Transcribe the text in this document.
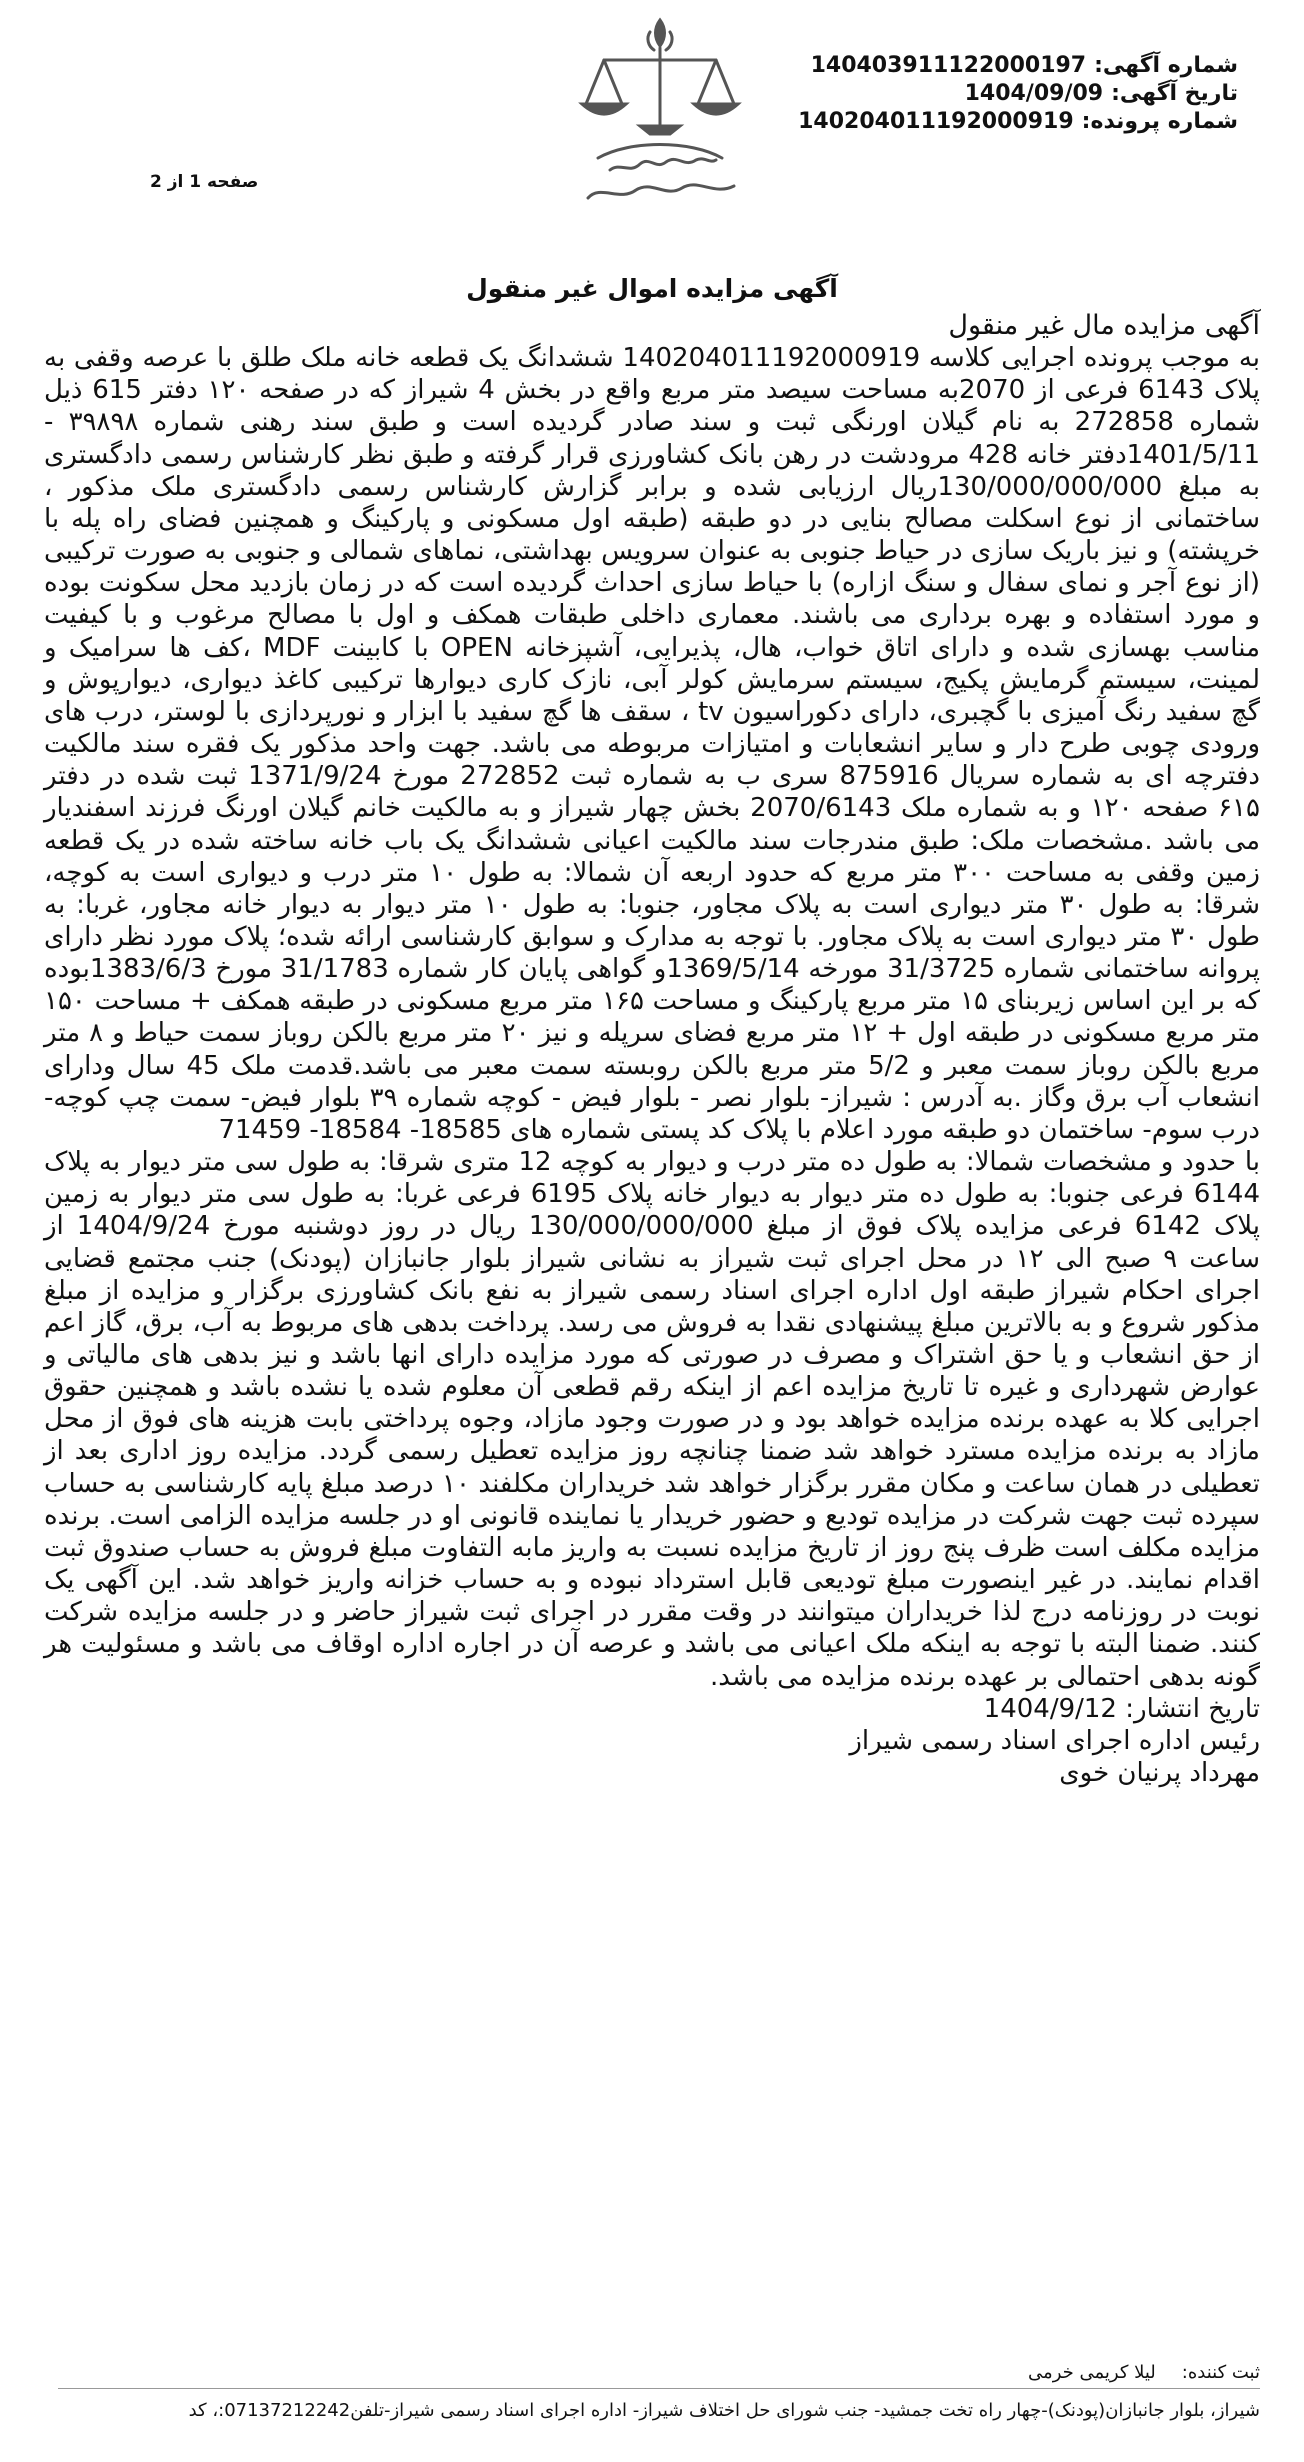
شماره آگهی:140403911122000197
تاریخ آگهی:1404/09/09
شماره پرونده:140204011192000919
صفحه 1 از 2
آگهی مزایده اموال غیر منقول

آگهی مزایده مال غیر منقول

به موجب پرونده اجرایی کلاسه 140204011192000919 ششدانگ یک قطعه خانه ملک طلق با عرصه وقفی به پلاک 6143 فرعی از 2070به مساحت سیصد متر مربع واقع در بخش 4 شیراز که در صفحه ۱۲۰ دفتر 615 ذیل شماره 272858 به نام گیلان اورنگی ثبت و سند صادر گردیده است و طبق سند رهنی شماره ۳۹۸۹۸ - 1401/5/11دفتر خانه 428 مرودشت در رهن بانک کشاورزی قرار گرفته و طبق نظر کارشناس رسمی دادگستری به مبلغ 130/000/000/000ریال ارزیابی شده و برابر گزارش کارشناس رسمی دادگستری ملک مذکور ، ساختمانی از نوع اسکلت مصالح بنایی در دو طبقه (طبقه اول مسکونی و پارکینگ و همچنین فضای راه پله با خرپشته) و نیز باریک سازی در حیاط جنوبی به عنوان سرویس بهداشتی، نماهای شمالی و جنوبی به صورت ترکیبی (از نوع آجر و نمای سفال و سنگ ازاره) با حیاط سازی احداث گردیده است که در زمان بازدید محل سکونت بوده و مورد استفاده و بهره برداری می باشند. معماری داخلی طبقات همکف و اول با مصالح مرغوب و با کیفیت مناسب بهسازی شده و دارای اتاق خواب، هال، پذیرایی، آشپزخانه OPEN با کابینت MDF ،کف ها سرامیک و لمینت، سیستم گرمایش پکیج، سیستم سرمایش کولر آبی، نازک کاری دیوارها ترکیبی کاغذ دیواری، دیوارپوش و گچ سفید رنگ آمیزی با گچبری، دارای دکوراسیون tv ، سقف ها گچ سفید با ابزار و نورپردازی با لوستر، درب های ورودی چوبی طرح دار و سایر انشعابات و امتیازات مربوطه می باشد. جهت واحد مذکور یک فقره سند مالکیت دفترچه ای به شماره سریال 875916 سری ب به شماره ثبت 272852 مورخ 1371/9/24 ثبت شده در دفتر ۶۱۵ صفحه ۱۲۰ و به شماره ملک 2070/6143 بخش چهار شیراز و به مالکیت خانم گیلان اورنگ فرزند اسفندیار می باشد .مشخصات ملک: طبق مندرجات سند مالکیت اعیانی ششدانگ یک باب خانه ساخته شده در یک قطعه زمین وقفی به مساحت ۳۰۰ متر مربع که حدود اربعه آن شمالا: به طول ۱۰ متر درب و دیواری است به کوچه، شرقا: به طول ۳۰ متر دیواری است به پلاک مجاور، جنوبا: به طول ۱۰ متر دیوار به دیوار خانه مجاور، غربا: به طول ۳۰ متر دیواری است به پلاک مجاور. با توجه به مدارک و سوابق کارشناسی ارائه شده؛ پلاک مورد نظر دارای پروانه ساختمانی شماره 31/3725 مورخه 1369/5/14و گواهی پایان کار شماره 31/1783 مورخ 1383/6/3بوده که بر این اساس زیربنای ۱۵ متر مربع پارکینگ و مساحت ۱۶۵ متر مربع مسکونی در طبقه همکف + مساحت ۱۵۰ متر مربع مسکونی در طبقه اول + ۱۲ متر مربع فضای سرپله و نیز ۲۰ متر مربع بالکن روباز سمت حیاط و ۸ متر مربع بالکن روباز سمت معبر و 5/2 متر مربع بالکن روبسته سمت معبر می باشد.قدمت ملک 45 سال ودارای انشعاب آب برق وگاز .به آدرس : شیراز- بلوار نصر - بلوار فیض - کوچه شماره ۳۹ بلوار فیض- سمت چپ کوچه- درب سوم- ساختمان دو طبقه مورد اعلام با پلاک کد پستی شماره های 18585- 18584- 71459

با حدود و مشخصات شمالا: به طول ده متر درب و دیوار به کوچه 12 متری شرقا: به طول سی متر دیوار به پلاک 6144 فرعی جنوبا: به طول ده متر دیوار به دیوار خانه پلاک 6195 فرعی غربا: به طول سی متر دیوار به زمین پلاک 6142 فرعی مزایده پلاک فوق از مبلغ 130/000/000/000 ریال در روز دوشنبه مورخ 1404/9/24 از ساعت ۹ صبح الی ۱۲ در محل اجرای ثبت شیراز به نشانی شیراز بلوار جانبازان (پودنک) جنب مجتمع قضایی اجرای احکام شیراز طبقه اول اداره اجرای اسناد رسمی شیراز به نفع بانک کشاورزی برگزار و مزایده از مبلغ مذکور شروع و به بالاترین مبلغ پیشنهادی نقدا به فروش می رسد. پرداخت بدهی های مربوط به آب، برق، گاز اعم از حق انشعاب و یا حق اشتراک و مصرف در صورتی که مورد مزایده دارای انها باشد و نیز بدهی های مالیاتی و عوارض شهرداری و غیره تا تاریخ مزایده اعم از اینکه رقم قطعی آن معلوم شده یا نشده باشد و همچنین حقوق اجرایی کلا به عهده برنده مزایده خواهد بود و در صورت وجود مازاد، وجوه پرداختی بابت هزینه های فوق از محل مازاد به برنده مزایده مسترد خواهد شد ضمنا چنانچه روز مزایده تعطیل رسمی گردد. مزایده روز اداری بعد از تعطیلی در همان ساعت و مکان مقرر برگزار خواهد شد خریداران مکلفند ۱۰ درصد مبلغ پایه کارشناسی به حساب سپرده ثبت جهت شرکت در مزایده تودیع و حضور خریدار یا نماینده قانونی او در جلسه مزایده الزامی است. برنده مزایده مکلف است ظرف پنج روز از تاریخ مزایده نسبت به واریز مابه التفاوت مبلغ فروش به حساب صندوق ثبت اقدام نمایند. در غیر اینصورت مبلغ تودیعی قابل استرداد نبوده و به حساب خزانه واریز خواهد شد. این آگهی یک نوبت در روزنامه درج لذا خریداران میتوانند در وقت مقرر در اجرای ثبت شیراز حاضر و در جلسه مزایده شرکت کنند. ضمنا البته با توجه به اینکه ملک اعیانی می باشد و عرصه آن در اجاره اداره اوقاف می باشد و مسئولیت هر گونه بدهی احتمالی بر عهده برنده مزایده می باشد.

تاریخ انتشار: 1404/9/12

رئیس اداره اجرای اسناد رسمی شیراز

مهرداد پرنیان خوی

ثبت کننده:لیلا کریمی خرمی
شیراز، بلوار جانبازان(پودنک)-چهار راه تخت جمشید- جنب شورای حل اختلاف شیراز- اداره اجرای اسناد رسمی شیراز-تلفن07137212242:، کد
